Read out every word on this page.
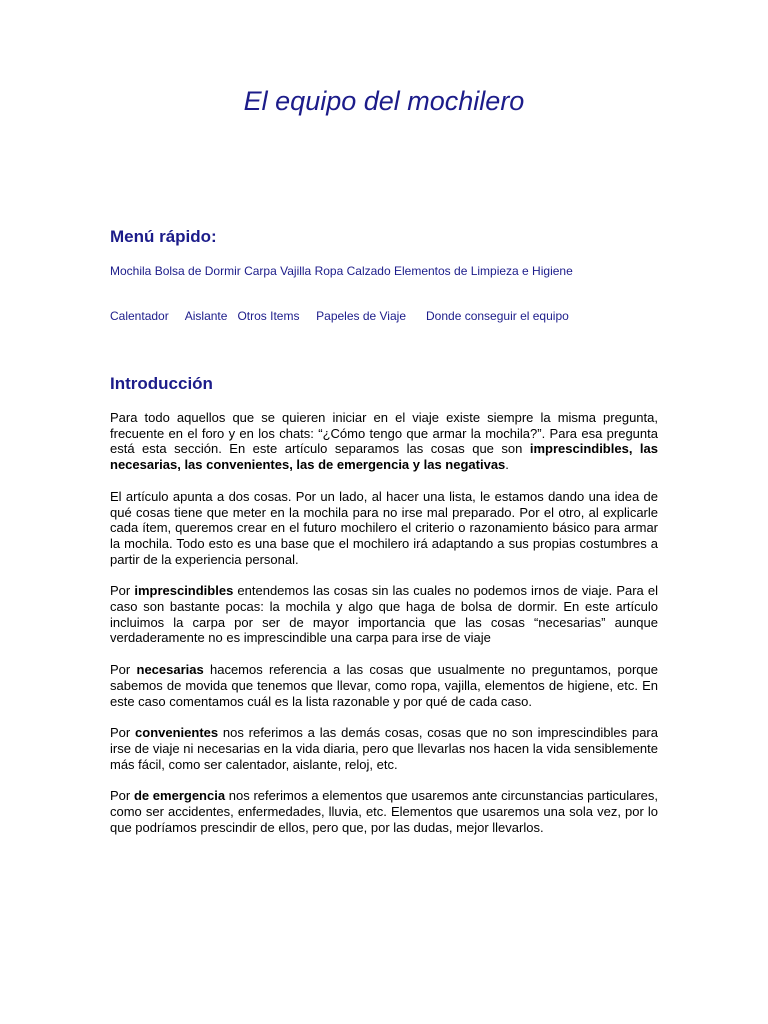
El equipo del mochilero
Menú rápido:
Mochila Bolsa de Dormir Carpa Vajilla Ropa Calzado Elementos de Limpieza e Higiene
Calentador Aislante Otros Items Papeles de Viaje Donde conseguir el equipo
Introducción

Para todo aquellos que se quieren iniciar en el viaje existe siempre la misma pregunta, frecuente en el foro y en los chats: “¿Cómo tengo que armar la mochila?”. Para esa pregunta está esta sección. En este artículo separamos las cosas que son imprescindibles, las necesarias, las convenientes, las de emergencia y las negativas.

El artículo apunta a dos cosas. Por un lado, al hacer una lista, le estamos dando una idea de qué cosas tiene que meter en la mochila para no irse mal preparado. Por el otro, al explicarle cada ítem, queremos crear en el futuro mochilero el criterio o razonamiento básico para armar la mochila. Todo esto es una base que el mochilero irá adaptando a sus propias costumbres a partir de la experiencia personal.

Por imprescindibles entendemos las cosas sin las cuales no podemos irnos de viaje. Para el caso son bastante pocas: la mochila y algo que haga de bolsa de dormir. En este artículo incluimos la carpa por ser de mayor importancia que las cosas “necesarias” aunque verdaderamente no es imprescindible una carpa para irse de viaje

Por necesarias hacemos referencia a las cosas que usualmente no preguntamos, porque sabemos de movida que tenemos que llevar, como ropa, vajilla, elementos de higiene, etc. En este caso comentamos cuál es la lista razonable y por qué de cada caso.

Por convenientes nos referimos a las demás cosas, cosas que no son imprescindibles para irse de viaje ni necesarias en la vida diaria, pero que llevarlas nos hacen la vida sensiblemente más fácil, como ser calentador, aislante, reloj, etc.

Por de emergencia nos referimos a elementos que usaremos ante circunstancias particulares, como ser accidentes, enfermedades, lluvia, etc. Elementos que usaremos una sola vez, por lo que podríamos prescindir de ellos, pero que, por las dudas, mejor llevarlos.
